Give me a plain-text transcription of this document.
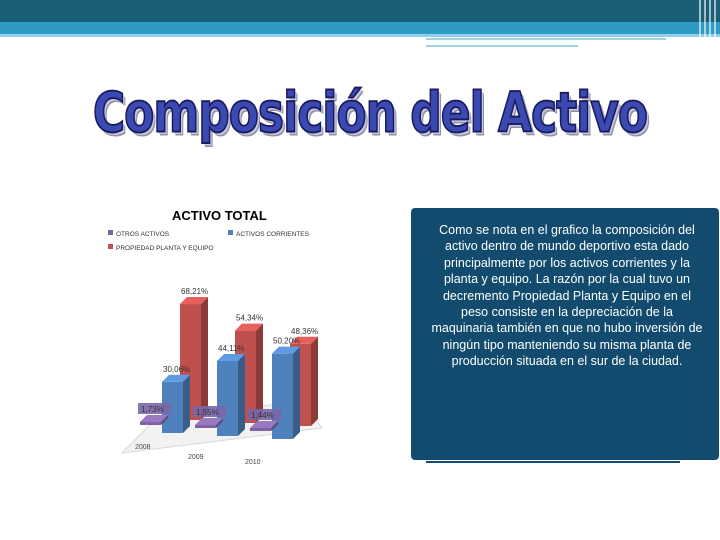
Composición del Activo
ACTIVO TOTAL
OTROS ACTIVOS	ACTIVOS CORRIENTES
PROPIEDAD PLANTA Y EQUIPO
68,21%
54,34%
48,36%
30,06%
44,11%
50,20%
1,73%	1,55%	1,44%
2008
2009
2010

Como se nota en el grafico la composición del activo dentro de mundo deportivo esta dado principalmente por los activos corrientes y la planta y equipo. La razón por la cual tuvo un decremento Propiedad Planta y Equipo en el peso consiste en la depreciación de la maquinaria también en que no hubo inversión de ningún tipo manteniendo su misma planta de producción situada en el sur de la ciudad.
